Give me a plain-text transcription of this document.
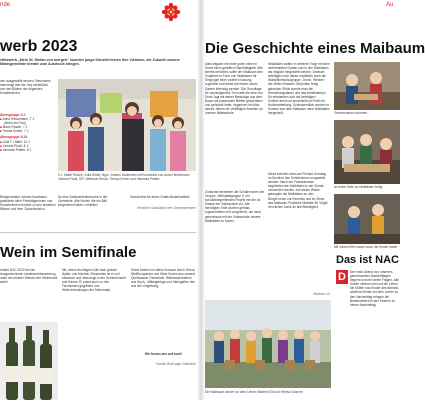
nde	Au
werb 2023
ettbewerb „Mein St. Stefan von morgen“ konnten junge Künstler:innen ihre Visionen, die Zukunft unserer Marktgemeinde kreativ zum Ausdruck bringen.
nen ausgewählt wurden. Besonders überzeugt war die Jury schließlich von den Bildern der folgenden Künstlerinnen:
Altersgruppe 5-7:
■ Anna Hirschmann, 7 J.
(Nicht am Foto)
■ Marie Rosich, 7 J.
■ Teresa Scherr, 7 J.
Altersgruppe 8-10:
■ Julia T. Hütter, 10 J.
■ Victoria Pöckl, 8 J.
■ Vanessa Pratter, 8 J.
V.l.: Marie Rosich, Julia Hütter, Bgm. Johann Kaufmann mit Kunstwerk von Anna Hirschmann, Victoria Pöckl, GR. Waltraud Resch, Teresa Scherr und Vanessa Pratter.
Bürgermeister Johann Kaufmann gratulierte allen Preisträgerinnen und Künstlerinnen herzlich zu den kreativen Bildern und ihrer Zukunftsvision.
für eine Geldsachenbesuche in der Gemeinde. Alle Kinder, die ein Bild eingereicht haben, erhielten
Gutscheine für einen Grafik-Bedarfsartikel.
Herzliche Gratulation den Gewinnerinnen!
Wein im Semifinale
rmarkt DAC 2022 bei der Ausgezeichnete Landesweinbewertung unter den besten Weinen der Steiermark steht!
Mit, einem fruchtigen Duft nach grünen Äpfeln und frischen Zitrusnoten ist er voll kalssisch und überzeugt in der Sommernacht und Kamm. Er passt auch zu den Fischsorten gegrilltem und Weinverkostungen der Steiermark.
Seine beiden vor allem Schaum durch Terroir, Weißburgunder und Wein-Sorten aus unserer Quellwasser Gemeinde. Weinbaubetrieben aus Hoch-, Mittelgebirge und Steingärten hier aus der Umgebung.
Wir freuen uns auf euch!
Familie Wolf sage Vollbracht
Die Geschichte eines Maibaum
Alles begann mit einer guten Idee im Sinne eines geteilten Nachhaltigkeit: Wie bereits berichtet, sollte der Maibaum des Vorjahres in Form von Nistkästen für Singvögel einer zweiten Nutzung zugeführt und damit auf einem neuen Dasein lebendig werden. Die Grundlage für nachfolgendes Tun hatte die Idee von Ernst Jagl mit seiner Bandsäge aus dem Baum die passenden Bretter geschnitten und gehobelt hatte, begannen im März dieses Jahres die vielfältigen Arbeiten an unserer Mittelschule.
Zunächst bereiteten die Schüler:innen der Gruppe „Werkstattgruppe 4“ ein schuldibergreifendes Projekt mit der 4a Klasse der Volksschule vor. Alle benötigten Teile wurden gefräst, zugeschnitten und vorgebohrt, um dann gemeinsam mit der Volksschule unsere Nistkästen zu bauen.
Nistkästen sollten in weiterer Folge mit dem verheirateten Garten und in den Nistkästen als möglich hergestellt werden. Deshalb beteiligten sich daran zusätzlich auch die Wahlpflichtschulgruppe „Techn. Werken“ der dritten Klassen. Mit jedem fertig gebauten Stück konnte man die Herstellungsdauer und das Arbeitstempo. So entstanden sich die beteiligten Schüler:innen so anschließend Profis für Holzbearbeitung. Schlussendlich wurden in Summe aus dem Maibaum neue Nistkästen hergestellt.
Diese konnten dann am Floriani-Sonntag im Kirchhof den Schülerinnen vorgestellt werden. Nach der Florianimesse begleiteten die Nistkästen in der Schule verwendet werden. Auf dieser Weise gelangten die Nistkästen zu den Bürger:innen zur Kenntnis und im Sinne des Maibaum-Projektes Nisthilfe für Vögel. Herzlichen Dank an alle Beteiligten!
Machart LG
Gemeinsames Arbeiten...
Ist letzte Seite an Nistkästen fertig
Mit vollem Eifer waren auch die Kinder dabei
Der Maibaum wurde vor dem Lehrer Manfred Gil und Herma Grünner
Das ist NAC
D	Der erste Abend von unserem gemeinsamen Nachmittagen beginnt und mit vielen Fragen. Alle Kinder nehmen teil und die Lehrer die Mütter und Kinder des Abends, welches Kinder mit dem Lehrer zu den Nachmittag bringen die Bestandteile bei den Kindern zu einem Nachmittag.
